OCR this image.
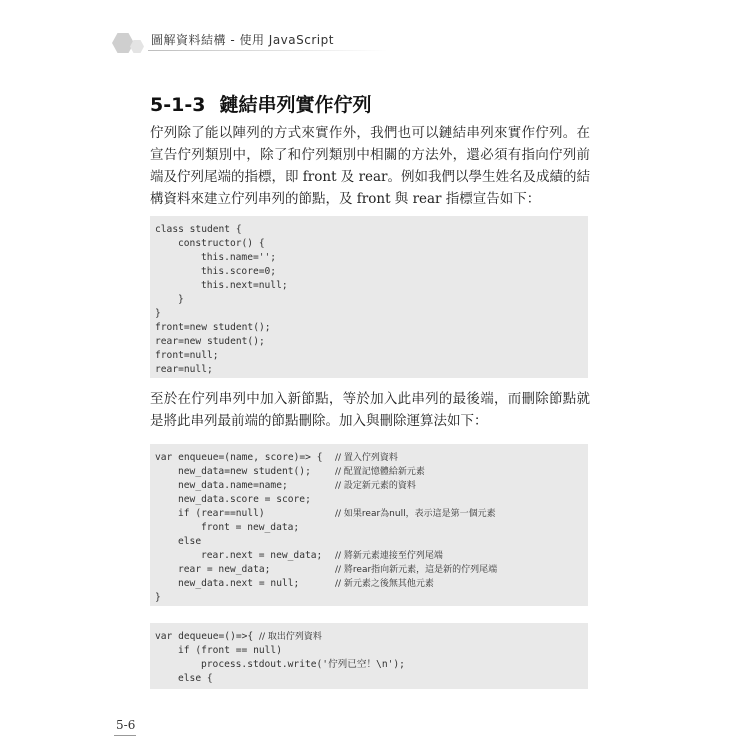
圖解資料結構 - 使用 JavaScript
5-1-3 鏈結串列實作佇列

佇列除了能以陣列的方式來實作外，我們也可以鏈結串列來實作佇列。在宣告佇列類別中，除了和佇列類別中相關的方法外，還必須有指向佇列前端及佇列尾端的指標，即 front 及 rear。例如我們以學生姓名及成績的結構資料來建立佇列串列的節點，及 front 與 rear 指標宣告如下：

class student {
constructor() {
this.name='';
this.score=0;
this.next=null;
}
}
front=new student();
rear=new student();
front=null;
rear=null;

至於在佇列串列中加入新節點，等於加入此串列的最後端，而刪除節點就是將此串列最前端的節點刪除。加入與刪除運算法如下：

var enqueue=(name, score)=> { // 置入佇列資料
new_data=new student();	// 配置記憶體給新元素
new_data.name=name;	// 設定新元素的資料
new_data.score = score;
if (rear==null)	// 如果rear為null，表示這是第一個元素
front = new_data;
else
rear.next = new_data; // 將新元素連接至佇列尾端
rear = new_data;	// 將rear指向新元素，這是新的佇列尾端
new_data.next = null;	// 新元素之後無其他元素
}
var dequeue=()=>{ // 取出佇列資料
if (front == null)
process.stdout.write('佇列已空！\n');
else {
5-6
